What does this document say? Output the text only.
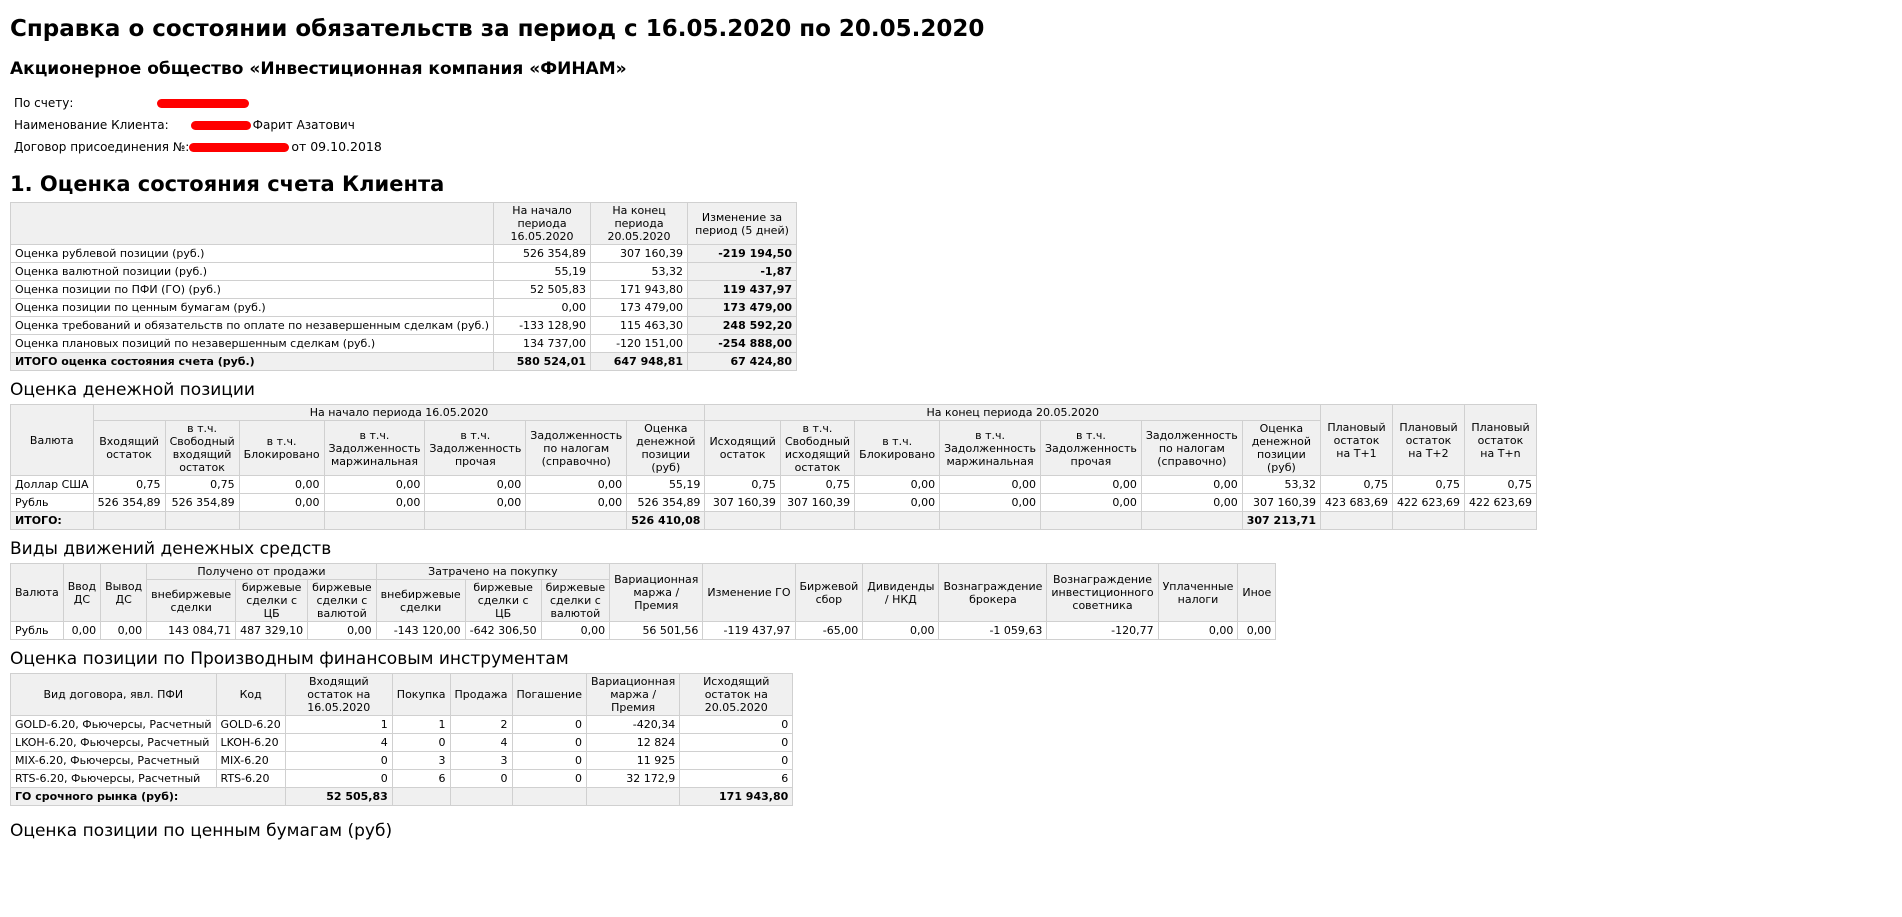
Справка о состоянии обязательств за период с 16.05.2020 по 20.05.2020
Акционерное общество «Инвестиционная компания «ФИНАМ»
По счету:
Наименование Клиента:	Фарит Азатович
Договор присоединения №:	от 09.10.2018
1. Оценка состояния счета Клиента
	На начало периода 16.05.2020	На конец периода 20.05.2020	Изменение за период (5 дней)
Оценка рублевой позиции (руб.)	526 354,89	307 160,39	-219 194,50
Оценка валютной позиции (руб.)	55,19	53,32	-1,87
Оценка позиции по ПФИ (ГО) (руб.)	52 505,83	171 943,80	119 437,97
Оценка позиции по ценным бумагам (руб.)	0,00	173 479,00	173 479,00
Оценка требований и обязательств по оплате по незавершенным сделкам (руб.)	-133 128,90	115 463,30	248 592,20
Оценка плановых позиций по незавершенным сделкам (руб.)	134 737,00	-120 151,00	-254 888,00
ИТОГО оценка состояния счета (руб.)	580 524,01	647 948,81	67 424,80
Оценка денежной позиции
Валюта	На начало периода 16.05.2020							На конец периода 20.05.2020							Плановый остаток на Т+1	Плановый остаток на Т+2	Плановый остаток на Т+n
	Входящий остаток	в т.ч. Свободный входящий остаток	в т.ч. Блокировано	в т.ч. Задолженность маржинальная	в т.ч. Задолженность прочая	Задолженность по налогам (справочно)	Оценка денежной позиции (руб)	Исходящий остаток	в т.ч. Свободный исходящий остаток	в т.ч. Блокировано	в т.ч. Задолженность маржинальная	в т.ч. Задолженность прочая	Задолженность по налогам (справочно)	Оценка денежной позиции (руб)			
Доллар США	0,75	0,75	0,00	0,00	0,00	0,00	55,19	0,75	0,75	0,00	0,00	0,00	0,00	53,32	0,75	0,75	0,75
Рубль	526 354,89	526 354,89	0,00	0,00	0,00	0,00	526 354,89	307 160,39	307 160,39	0,00	0,00	0,00	0,00	307 160,39	423 683,69	422 623,69	422 623,69
ИТОГО:							526 410,08							307 213,71			
Виды движений денежных средств
Валюта	Ввод ДС	Вывод ДС	Получено от продажи			Затрачено на покупку			Вариационная маржа / Премия	Изменение ГО	Биржевой сбор	Дивиденды / НКД	Вознаграждение брокера	Вознаграждение инвестиционного советника	Уплаченные налоги	Иное
			внебиржевые сделки	биржевые сделки с ЦБ	биржевые сделки с валютой	внебиржевые сделки	биржевые сделки с ЦБ	биржевые сделки с валютой								
Рубль	0,00	0,00	143 084,71	487 329,10	0,00	-143 120,00	-642 306,50	0,00	56 501,56	-119 437,97	-65,00	0,00	-1 059,63	-120,77	0,00	0,00
Оценка позиции по Производным финансовым инструментам
Вид договора, явл. ПФИ	Код	Входящий остаток на 16.05.2020	Покупка	Продажа	Погашение	Вариационная маржа / Премия	Исходящий остаток на 20.05.2020
GOLD-6.20, Фьючерсы, Расчетный	GOLD-6.20	1	1	2	0	-420,34	0
LKOH-6.20, Фьючерсы, Расчетный	LKOH-6.20	4	0	4	0	12 824	0
MIX-6.20, Фьючерсы, Расчетный	MIX-6.20	0	3	3	0	11 925	0
RTS-6.20, Фьючерсы, Расчетный	RTS-6.20	0	6	0	0	32 172,9	6
ГО срочного рынка (руб):		52 505,83					171 943,80
Оценка позиции по ценным бумагам (руб)
